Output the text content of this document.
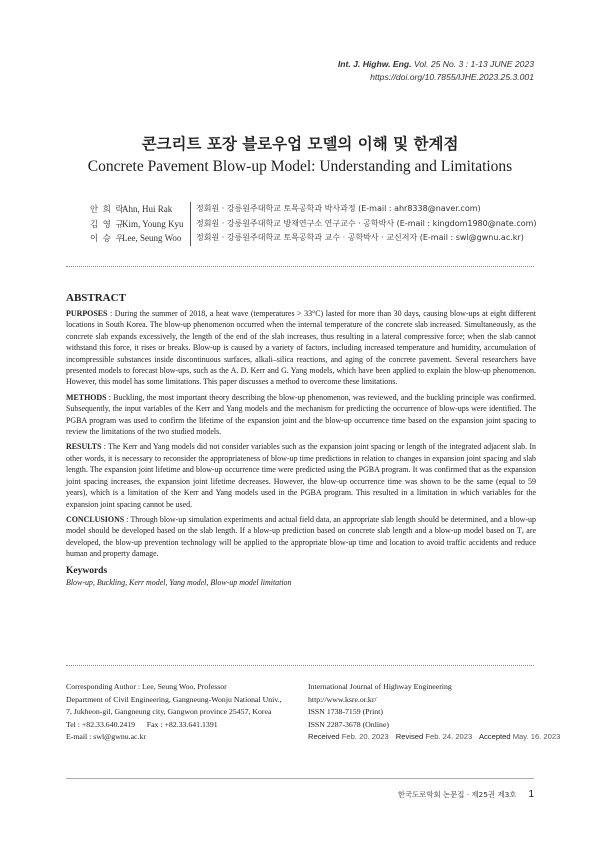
Int. J. Highw. Eng. Vol. 25 No. 3 : 1-13 JUNE 2023
https://doi.org/10.7855/IJHE.2023.25.3.001
콘크리트 포장 블로우업 모델의 이해 및 한계점
Concrete Pavement Blow-up Model: Understanding and Limitations
안 희 락
Ahn, Hui Rak	정회원 · 강릉원주대학교 토목공학과 박사과정 (E-mail : ahr8338@naver.com)
김 영 규
Kim, Young Kyu	정회원 · 강릉원주대학교 방재연구소 연구교수 · 공학박사 (E-mail : kingdom1980@nate.com)
이 승 우
Lee, Seung Woo	정회원 · 강릉원주대학교 토목공학과 교수 · 공학박사 · 교신저자 (E-mail : swl@gwnu.ac.kr)
ABSTRACT

PURPOSES : During the summer of 2018, a heat wave (temperatures > 33°C) lasted for more than 30 days, causing blow-ups at eight different locations in South Korea. The blow-up phenomenon occurred when the internal temperature of the concrete slab increased. Simultaneously, as the concrete slab expands excessively, the length of the end of the slab increases, thus resulting in a lateral compressive force; when the slab cannot withstand this force, it rises or breaks. Blow-up is caused by a variety of factors, including increased temperature and humidity, accumulation of incompressible substances inside discontinuous surfaces, alkali–silica reactions, and aging of the concrete pavement. Several researchers have presented models to forecast blow-ups, such as the A. D. Kerr and G. Yang models, which have been applied to explain the blow-up phenomenon. However, this model has some limitations. This paper discusses a method to overcome these limitations.

METHODS : Buckling, the most important theory describing the blow-up phenomenon, was reviewed, and the buckling principle was confirmed. Subsequently, the input variables of the Kerr and Yang models and the mechanism for predicting the occurrence of blow-ups were identified. The PGBA program was used to confirm the lifetime of the expansion joint and the blow-up occurrence time based on the expansion joint spacing to review the limitations of the two studied models.

RESULTS : The Kerr and Yang models did not consider variables such as the expansion joint spacing or length of the integrated adjacent slab. In other words, it is necessary to reconsider the appropriateness of blow-up time predictions in relation to changes in expansion joint spacing and slab length. The expansion joint lifetime and blow-up occurrence time were predicted using the PGBA program. It was confirmed that as the expansion joint spacing increases, the expansion joint lifetime decreases. However, the blow-up occurrence time was shown to be the same (equal to 59 years), which is a limitation of the Kerr and Yang models used in the PGBA program. This resulted in a limitation in which variables for the expansion joint spacing cannot be used.

CONCLUSIONS : Through blow-up simulation experiments and actual field data, an appropriate slab length should be determined, and a blow-up model should be developed based on the slab length. If a blow-up prediction based on concrete slab length and a blow-up model based on Tₑ are developed, the blow-up prevention technology will be applied to the appropriate blow-up time and location to avoid traffic accidents and reduce human and property damage.

Keywords
Blow-up, Buckling, Kerr model, Yang model, Blow-up model limitation
Corresponding Author : Lee, Seung Woo, Professor
Department of Civil Engineering, Gangneung-Wonju National Univ.,
7, Jukheon-gil, Gangneung city, Gangwon province 25457, Korea
Tel : +82.33.640.2419      Fax : +82.33.641.1391
E-mail : swl@gwnu.ac.kr
International Journal of Highway Engineering
http://www.ksre.or.kr/
ISSN 1738-7159 (Print)
ISSN 2287-3678 (Online)
Received Feb. 20. 2023 Revised Feb. 24. 2023 Accepted May. 16. 2023
한국도로학회 논문집 · 제25권 제3호 1
